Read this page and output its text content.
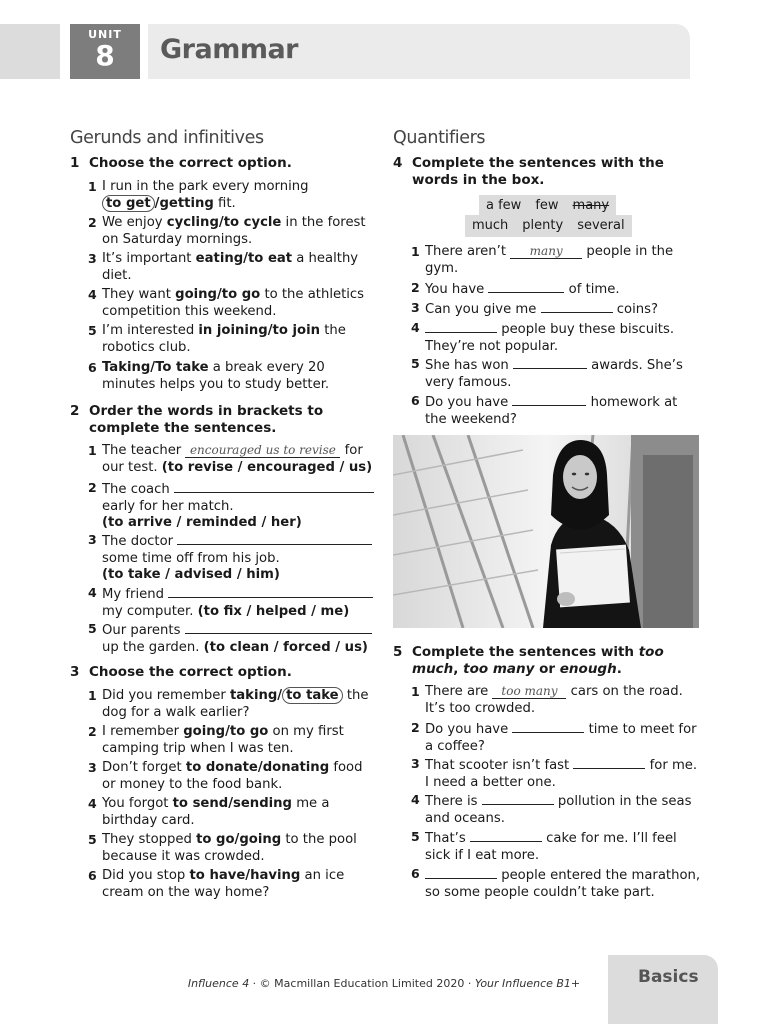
UNIT
8	Grammar
Gerunds and infinitives
1 Choose the correct option.
1 I run in the park every morning
to get /getting fit.
2 We enjoy cycling/to cycle in the forest on Saturday mornings.
3 It’s important eating/to eat a healthy diet.
4 They want going/to go to the athletics competition this weekend.
5 I’m interested in joining/to join the robotics club.
6 Taking/To take a break every 20 minutes helps you to study better.
2 Order the words in brackets to complete the sentences.
1 The teacher encouraged us to revise for our test. (to revise / encouraged / us)
2 The coach
early for her match.
(to arrive / reminded / her)
3 The doctor
some time off from his job.
(to take / advised / him)
4 My friend
my computer. (to fix / helped / me)
5 Our parents
up the garden. (to clean / forced / us)
3 Choose the correct option.
1 Did you remember taking/ to take the dog for a walk earlier?
2 I remember going/to go on my first camping trip when I was ten.
3 Don’t forget to donate/donating food or money to the food bank.
4 You forgot to send/sending me a birthday card.
5 They stopped to go/going to the pool because it was crowded.
6 Did you stop to have/having an ice cream on the way home?
Quantifiers
4 Complete the sentences with the words in the box.
a few few many
much plenty several
1 There aren’t many people in the gym.
2 You have	of time.
3 Can you give me	coins?
4	people buy these biscuits. They’re not popular.
5 She has won	awards. She’s very famous.
6 Do you have	homework at the weekend?
5 Complete the sentences with too much, too many or enough.
1 There are too many cars on the road. It’s too crowded.
2 Do you have	time to meet for a coffee?
3 That scooter isn’t fast	for me. I need a better one.
4 There is	pollution in the seas and oceans.
5 That’s	cake for me. I’ll feel sick if I eat more.
6	people entered the marathon, so some people couldn’t take part.
Influence 4 · © Macmillan Education Limited 2020 · Your Influence B1+	Basics
